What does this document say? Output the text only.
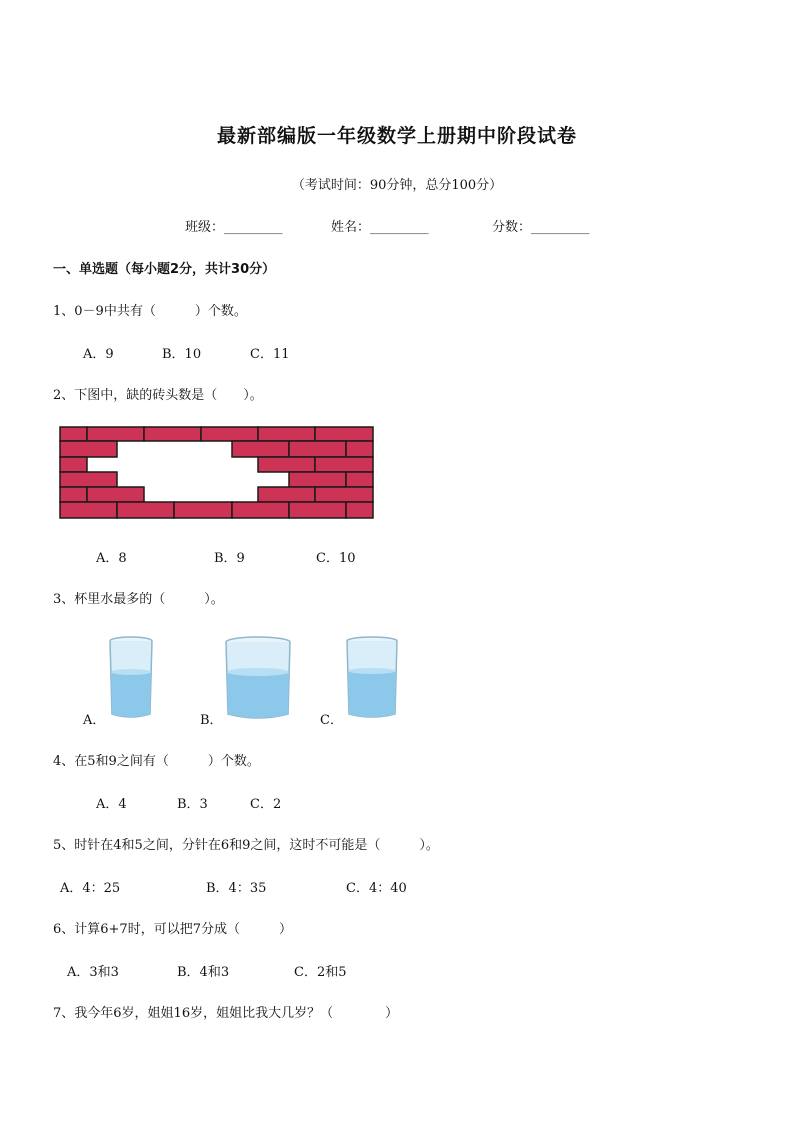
最新部编版一年级数学上册期中阶段试卷
（考试时间：90分钟，总分100分）
班级：_________	姓名：_________	分数：_________
一、单选题（每小题2分，共计30分）
1、0－9中共有（　　　）个数。
A．9	B．10	C．11
2、下图中，缺的砖头数是（　　）。
A．8	B．9	C．10
3、杯里水最多的（　　　）。
A．	B．	C．
4、在5和9之间有（　　　）个数。
A．4	B．3	C．2
5、时针在4和5之间，分针在6和9之间，这时不可能是（　　　）。
A．4：25	B．4：35	C．4：40
6、计算6+7时，可以把7分成（　　　）
A．3和3	B．4和3	C．2和5
7、我今年6岁，姐姐16岁，姐姐比我大几岁？（　　　　）
